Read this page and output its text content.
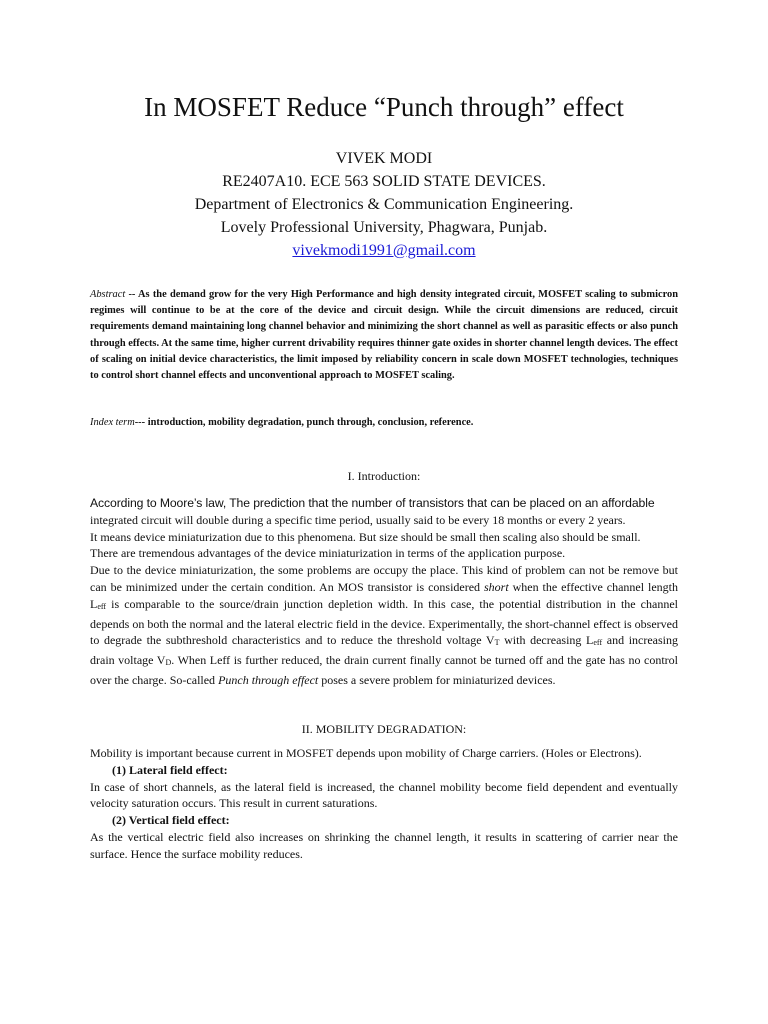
In MOSFET Reduce “Punch through” effect
VIVEK MODI
RE2407A10. ECE 563 SOLID STATE DEVICES.
Department of Electronics & Communication Engineering.
Lovely Professional University, Phagwara, Punjab.
vivekmodi1991@gmail.com
Abstract -- As the demand grow for the very High Performance and high density integrated circuit, MOSFET scaling to submicron regimes will continue to be at the core of the device and circuit design. While the circuit dimensions are reduced, circuit requirements demand maintaining long channel behavior and minimizing the short channel as well as parasitic effects or also punch through effects. At the same time, higher current drivability requires thinner gate oxides in shorter channel length devices. The effect of scaling on initial device characteristics, the limit imposed by reliability concern in scale down MOSFET technologies, techniques to control short channel effects and unconventional approach to MOSFET scaling.
Index term--- introduction, mobility degradation, punch through, conclusion, reference.
I. Introduction:

According to Moore’s law, The prediction that the number of transistors that can be placed on an affordable

integrated circuit will double during a specific time period, usually said to be every 18 months or every 2 years.

It means device miniaturization due to this phenomena. But size should be small then scaling also should be small.

There are tremendous advantages of the device miniaturization in terms of the application purpose.

Due to the device miniaturization, the some problems are occupy the place. This kind of problem can not be remove but can be minimized under the certain condition. An MOS transistor is considered short when the effective channel length Leff is comparable to the source/drain junction depletion width. In this case, the potential distribution in the channel depends on both the normal and the lateral electric field in the device. Experimentally, the short-channel effect is observed to degrade the subthreshold characteristics and to reduce the threshold voltage VT with decreasing Leff and increasing drain voltage VD. When Leff is further reduced, the drain current finally cannot be turned off and the gate has no control over the charge. So-called Punch through effect poses a severe problem for miniaturized devices.

II. MOBILITY DEGRADATION:

Mobility is important because current in MOSFET depends upon mobility of Charge carriers. (Holes or Electrons).

(1) Lateral field effect:

In case of short channels, as the lateral field is increased, the channel mobility become field dependent and eventually velocity saturation occurs. This result in current saturations.

(2) Vertical field effect:

As the vertical electric field also increases on shrinking the channel length, it results in scattering of carrier near the surface. Hence the surface mobility reduces.
